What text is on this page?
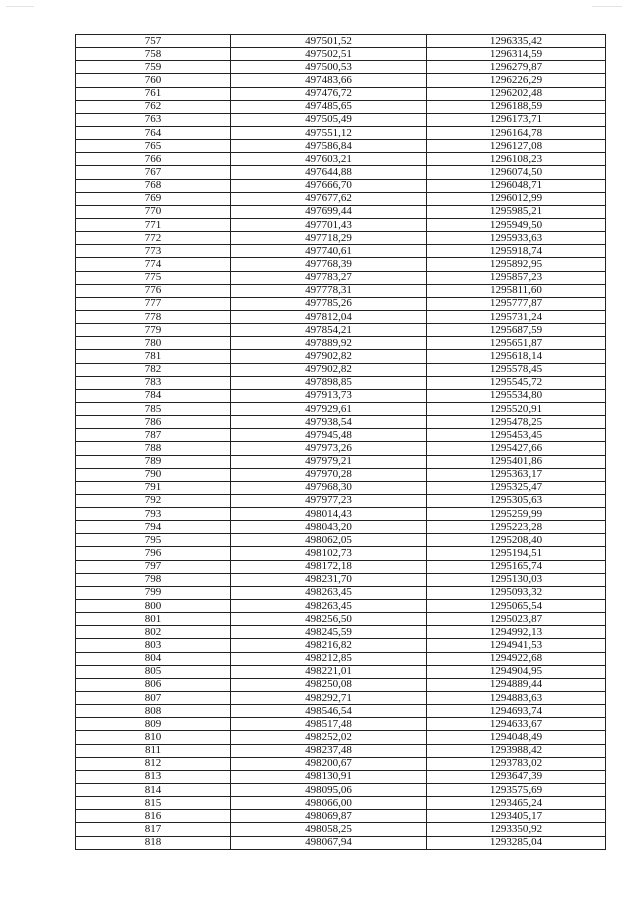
757	497501,52	1296335,42
758	497502,51	1296314,59
759	497500,53	1296279,87
760	497483,66	1296226,29
761	497476,72	1296202,48
762	497485,65	1296188,59
763	497505,49	1296173,71
764	497551,12	1296164,78
765	497586,84	1296127,08
766	497603,21	1296108,23
767	497644,88	1296074,50
768	497666,70	1296048,71
769	497677,62	1296012,99
770	497699,44	1295985,21
771	497701,43	1295949,50
772	497718,29	1295933,63
773	497740,61	1295918,74
774	497768,39	1295892,95
775	497783,27	1295857,23
776	497778,31	1295811,60
777	497785,26	1295777,87
778	497812,04	1295731,24
779	497854,21	1295687,59
780	497889,92	1295651,87
781	497902,82	1295618,14
782	497902,82	1295578,45
783	497898,85	1295545,72
784	497913,73	1295534,80
785	497929,61	1295520,91
786	497938,54	1295478,25
787	497945,48	1295453,45
788	497973,26	1295427,66
789	497979,21	1295401,86
790	497970,28	1295363,17
791	497968,30	1295325,47
792	497977,23	1295305,63
793	498014,43	1295259,99
794	498043,20	1295223,28
795	498062,05	1295208,40
796	498102,73	1295194,51
797	498172,18	1295165,74
798	498231,70	1295130,03
799	498263,45	1295093,32
800	498263,45	1295065,54
801	498256,50	1295023,87
802	498245,59	1294992,13
803	498216,82	1294941,53
804	498212,85	1294922,68
805	498221,01	1294904,95
806	498250,08	1294889,44
807	498292,71	1294883,63
808	498546,54	1294693,74
809	498517,48	1294633,67
810	498252,02	1294048,49
811	498237,48	1293988,42
812	498200,67	1293783,02
813	498130,91	1293647,39
814	498095,06	1293575,69
815	498066,00	1293465,24
816	498069,87	1293405,17
817	498058,25	1293350,92
818	498067,94	1293285,04
